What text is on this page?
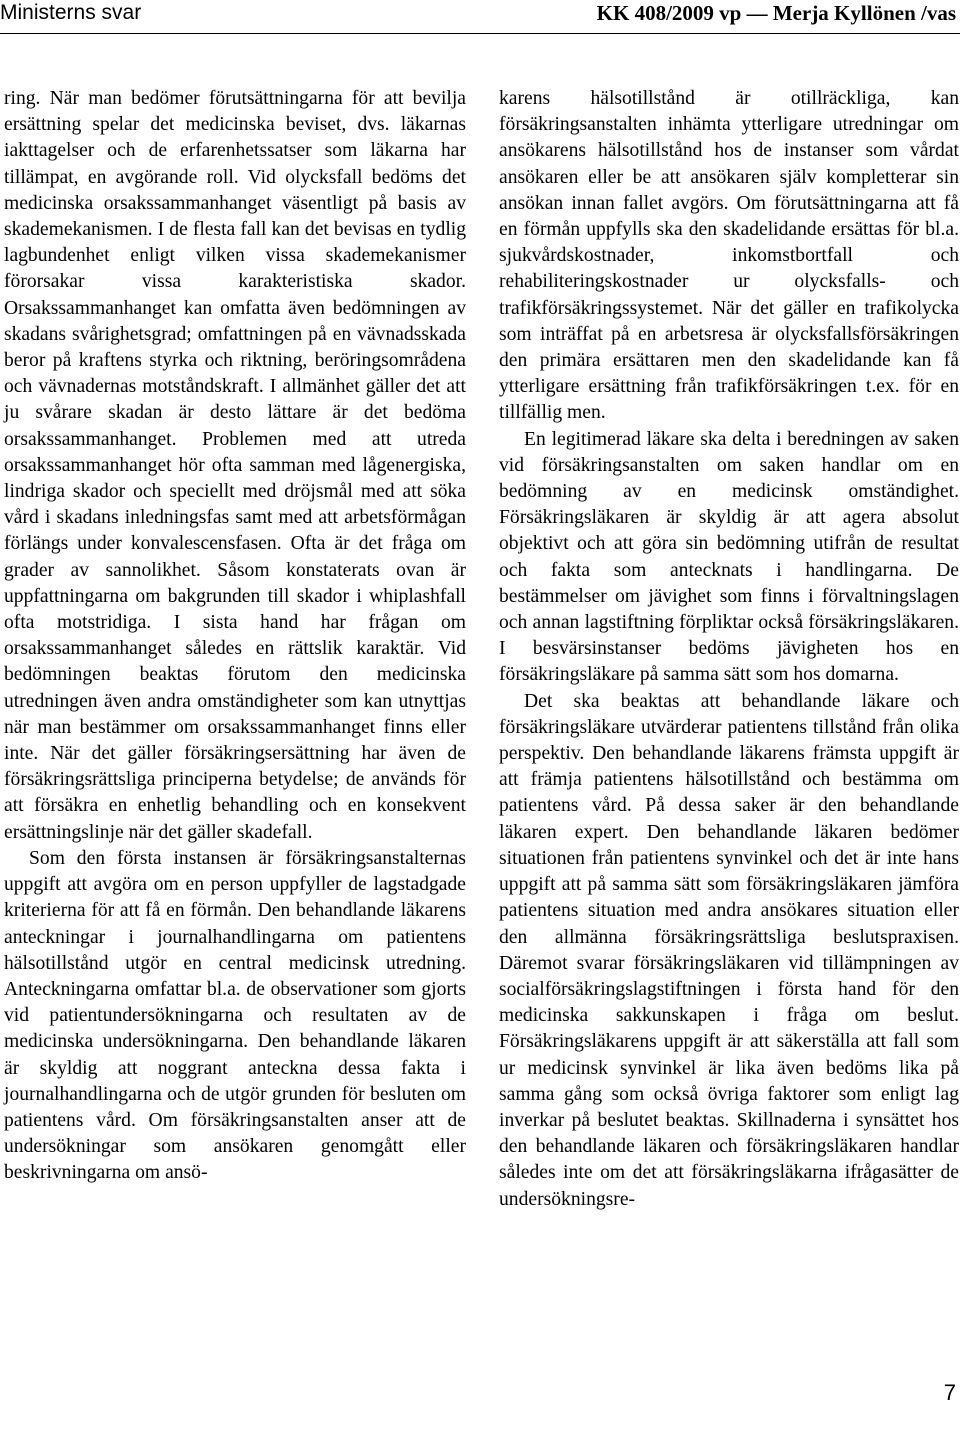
Ministerns svar	KK 408/2009 vp — Merja Kyllönen /vas

ring. När man bedömer förutsättningarna för att bevilja ersättning spelar det medicinska beviset, dvs. läkarnas iakttagelser och de erfarenhetssatser som läkarna har tillämpat, en avgörande roll. Vid olycksfall bedöms det medicinska orsakssammanhanget väsentligt på basis av skademekanismen. I de flesta fall kan det bevisas en tydlig lagbundenhet enligt vilken vissa skademekanismer förorsakar vissa karakteristiska skador. Orsakssammanhanget kan omfatta även bedömningen av skadans svårighetsgrad; omfattningen på en vävnadsskada beror på kraftens styrka och riktning, beröringsområdena och vävnadernas motståndskraft. I allmänhet gäller det att ju svårare skadan är desto lättare är det bedöma orsakssammanhanget. Problemen med att utreda orsakssammanhanget hör ofta samman med lågenergiska, lindriga skador och speciellt med dröjsmål med att söka vård i skadans inledningsfas samt med att arbetsförmågan förlängs under konvalescensfasen. Ofta är det fråga om grader av sannolikhet. Såsom konstaterats ovan är uppfattningarna om bakgrunden till skador i whiplashfall ofta motstridiga. I sista hand har frågan om orsakssammanhanget således en rättslik karaktär. Vid bedömningen beaktas förutom den medicinska utredningen även andra omständigheter som kan utnyttjas när man bestämmer om orsakssammanhanget finns eller inte. När det gäller försäkringsersättning har även de försäkringsrättsliga principerna betydelse; de används för att försäkra en enhetlig behandling och en konsekvent ersättningslinje när det gäller skadefall.

Som den första instansen är försäkringsanstalternas uppgift att avgöra om en person uppfyller de lagstadgade kriterierna för att få en förmån. Den behandlande läkarens anteckningar i journalhandlingarna om patientens hälsotillstånd utgör en central medicinsk utredning. Anteckningarna omfattar bl.a. de observationer som gjorts vid patientundersökningarna och resultaten av de medicinska undersökningarna. Den behandlande läkaren är skyldig att noggrant anteckna dessa fakta i journalhandlingarna och de utgör grunden för besluten om patientens vård. Om försäkringsanstalten anser att de undersökningar som ansökaren genomgått eller beskrivningarna om ansö-

karens hälsotillstånd är otillräckliga, kan försäkringsanstalten inhämta ytterligare utredningar om ansökarens hälsotillstånd hos de instanser som vårdat ansökaren eller be att ansökaren själv kompletterar sin ansökan innan fallet avgörs. Om förutsättningarna att få en förmån uppfylls ska den skadelidande ersättas för bl.a. sjukvårdskostnader, inkomstbortfall och rehabiliteringskostnader ur olycksfalls- och trafikförsäkringssystemet. När det gäller en trafikolycka som inträffat på en arbetsresa är olycksfallsförsäkringen den primära ersättaren men den skadelidande kan få ytterligare ersättning från trafikförsäkringen t.ex. för en tillfällig men.

En legitimerad läkare ska delta i beredningen av saken vid försäkringsanstalten om saken handlar om en bedömning av en medicinsk omständighet. Försäkringsläkaren är skyldig är att agera absolut objektivt och att göra sin bedömning utifrån de resultat och fakta som antecknats i handlingarna. De bestämmelser om jävighet som finns i förvaltningslagen och annan lagstiftning förpliktar också försäkringsläkaren. I besvärsinstanser bedöms jävigheten hos en försäkringsläkare på samma sätt som hos domarna.

Det ska beaktas att behandlande läkare och försäkringsläkare utvärderar patientens tillstånd från olika perspektiv. Den behandlande läkarens främsta uppgift är att främja patientens hälsotillstånd och bestämma om patientens vård. På dessa saker är den behandlande läkaren expert. Den behandlande läkaren bedömer situationen från patientens synvinkel och det är inte hans uppgift att på samma sätt som försäkringsläkaren jämföra patientens situation med andra ansökares situation eller den allmänna försäkringsrättsliga beslutspraxisen. Däremot svarar försäkringsläkaren vid tillämpningen av socialförsäkringslagstiftningen i första hand för den medicinska sakkunskapen i fråga om beslut. Försäkringsläkarens uppgift är att säkerställa att fall som ur medicinsk synvinkel är lika även bedöms lika på samma gång som också övriga faktorer som enligt lag inverkar på beslutet beaktas. Skillnaderna i synsättet hos den behandlande läkaren och försäkringsläkaren handlar således inte om det att försäkringsläkarna ifrågasätter de undersökningsre-

7
